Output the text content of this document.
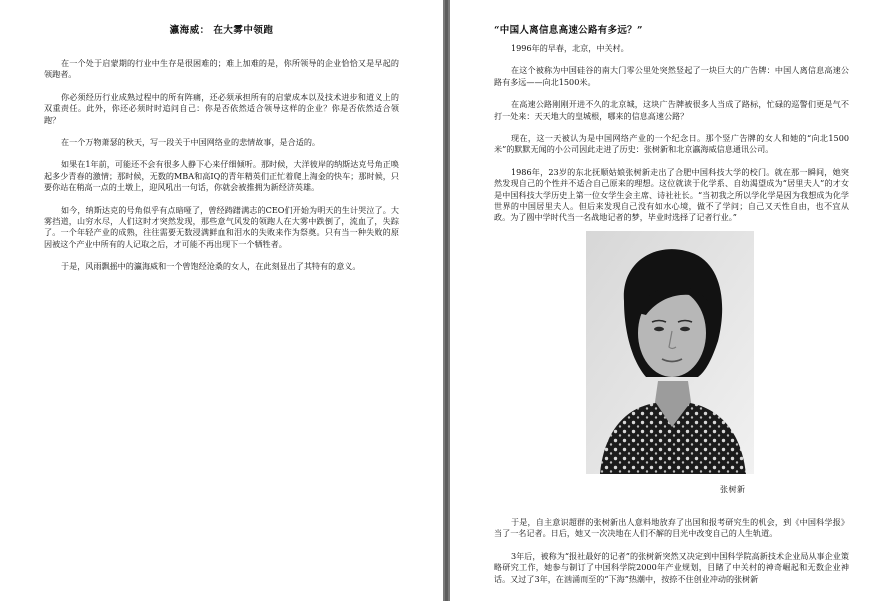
瀛海威： 在大雾中领跑

在一个处于启蒙期的行业中生存是很困难的；难上加难的是，你所领导的企业恰恰又是早起的领跑者。

你必须经历行业成熟过程中的所有阵痛，还必须承担所有的启蒙成本以及技术进步和道义上的双重责任。此外，你还必须时时追问自己：你是否依然适合领导这样的企业？你是否依然适合领跑？

在一个万物萧瑟的秋天，写一段关于中国网络业的悲情故事，是合适的。

如果在1年前，可能还不会有很多人静下心来仔细倾听。那时候，大洋彼岸的纳斯达克号角正唤起多少青春的激情；那时候，无数的MBA和高IQ的青年精英们正忙着爬上淘金的快车；那时候，只要你站在稍高一点的土墩上，迎风吼出一句话，你就会被推拥为新经济英雄。

如今，纳斯达克的号角似乎有点暗哑了，曾经踌躇满志的CEO们开始为明天的生计哭泣了。大雾挡道，山穷水尽，人们这时才突然发现，那些意气风发的领跑人在大雾中跌倒了，流血了，失踪了。一个年轻产业的成熟，往往需要无数浸满鲜血和泪水的失败来作为祭奠。只有当一种失败的原因被这个产业中所有的人记取之后，才可能不再出现下一个牺牲者。

于是，风雨飘摇中的瀛海威和一个曾饱经沧桑的女人，在此刻显出了其特有的意义。

“中国人离信息高速公路有多远？”

1996年的早春，北京，中关村。

在这个被称为中国硅谷的南大门零公里处突然竖起了一块巨大的广告牌：中国人离信息高速公路有多远——向北1500米。

在高速公路刚刚开进不久的北京城，这块广告牌被很多人当成了路标，忙碌的巡警们更是气不打一处来：天天地大的皇城根，哪来的信息高速公路？

现在，这一天被认为是中国网络产业的一个纪念日。那个竖广告牌的女人和她的“向北1500米”的默默无闻的小公司因此走进了历史：张树新和北京瀛海威信息通讯公司。

1986年，23岁的东北抚顺姑娘张树新走出了合肥中国科技大学的校门。就在那一瞬间，她突然发现自己的个性并不适合自己原来的理想。这位就读于化学系、自幼渴望成为“居里夫人”的才女是中国科技大学历史上第一位女学生会主席、诗社社长。“当初我之所以学化学是因为我想成为化学世界的中国居里夫人。但后来发现自己没有如水心境，做不了学问；自己又天性自由，也不宜从政。为了圆中学时代当一名战地记者的梦，毕业时选择了记者行业。”

张树新

于是，自主意识超群的张树新出人意料地放弃了出国和报考研究生的机会，到《中国科学报》当了一名记者。日后，她又一次决地在人们不解的目光中改变自己的人生轨道。

3年后，被称为“报社最好的记者”的张树新突然又决定到中国科学院高新技术企业局从事企业策略研究工作，她参与制订了中国科学院2000年产业规划，目睹了中关村的神奇崛起和无数企业神话。又过了3年，在汹涌而至的“下海”热潮中，按捺不住创业冲动的张树新
